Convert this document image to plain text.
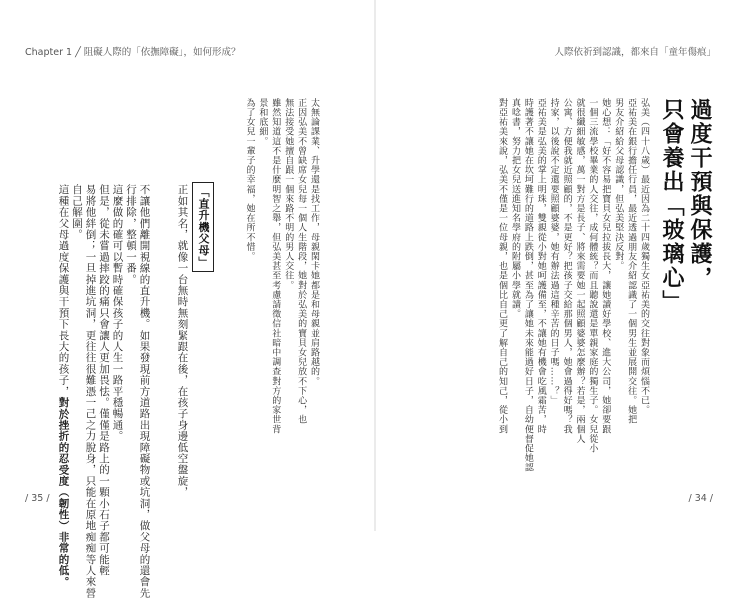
Chapter 1 ╱ 阻礙人際的「依撫障礙」，如何形成？
太無論課業、升學還是找工作，母親閑卡她都是和母親並肩路越的。
正因弘美不曾缺席女兒每一個人生階段，她對於弘美的寶貝女兒放不下心，也
無法接受她擅自跟一個來路不明的男人交往。
雖然知道這不是什麼明智之舉，但弘美甚至考慮請徵信社暗中調查對方的家世背
景和底細。
為了女兒一輩子的幸福，她在所不惜。
「直升機父母」
正如其名，就像一台無時無刻緊跟在後，在孩子身邊低空盤旋，
不讓他們離開視線的直升機。如果發現前方道路出現障礙物或坑洞，做父母的還會先
行排除，整頓一番。
這麼做的確可以暫時確保孩子的人生一路平穩暢通。
但是，從未嘗過摔跤的痛只會讓人更加畏怯。僅僅是路上的一顆小石子都可能輕
易將他絆倒；一旦掉進坑洞，更往往很難憑一己之力脫身，只能在原地痴痴等人來營
自己解圍。
這種在父母過度保護與干預下長大的孩子，對於挫折的忍受度（韌性）非常的低。
/ 35 /
人際依祈到認識，都來自「童年傷痕」
過度干預與保護，
只會養出「玻璃心」
弘美（四十八歲）最近因為二十四歲獨生女亞祐美的交往對象而煩惱不已。
亞祐美在銀行擔任行員，最近透過朋友介紹認識了一個男生並展開交往。她把
男友介紹給父母認識，但弘美堅決反對。
她心想：「好不容易把寶貝女兒拉拔長大，讓她讀好學校、進大公司，她卻要跟
一個三流學校畢業的人交往，成何體統？而且聽說還是單親家庭的獨生子。女兒從小
就很纖細敏感，萬一對方是長子、將來需要她一起照顧婆婆怎麼辦？若是，兩個人
公寓、方便我就近照顧的，不是更好？把孩子交給那個男人，她會過得好嗎？我
持家，以後說不定還要照顧婆婆，她有辦法過這種辛苦的日子嗎……？」
亞祐美是弘美的掌上明珠，雙親從小對她呵護備至，不讓她有機會吃風霜苦，時
時護著不讓她在坎坷難行的道路上跌倒，甚至為了讓她未來能過好日子，自幼便督促她認
真唸書，努力把女兒送進知名學府的附屬小學就讀。
對亞祐美來說，弘美不僅是一位母親，也是個比自己更了解自己的知己，從小到
/ 34 /
